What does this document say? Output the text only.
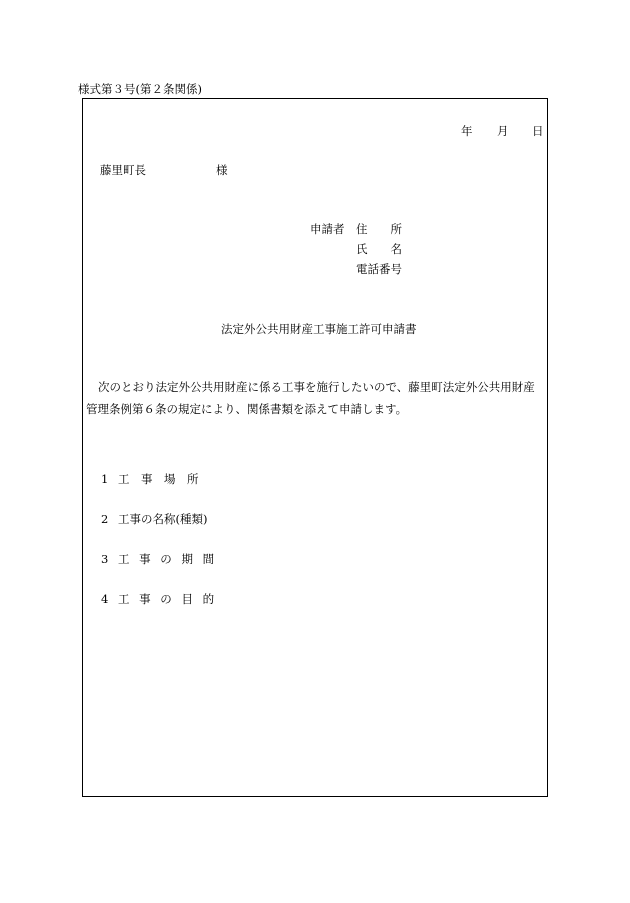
様式第３号(第２条関係)
年 月 日
藤里町長	様
申請者 住　　所
氏　　名
電話番号
法定外公共用財産工事施工許可申請書
次のとおり法定外公共用財産に係る工事を施行したいので、藤里町法定外公共用財産
管理条例第６条の規定により、関係書類を添えて申請します。
1 工　事　場　所
2 工事の名称(種類)
3 工 事 の 期 間
4 工 事 の 目 的
